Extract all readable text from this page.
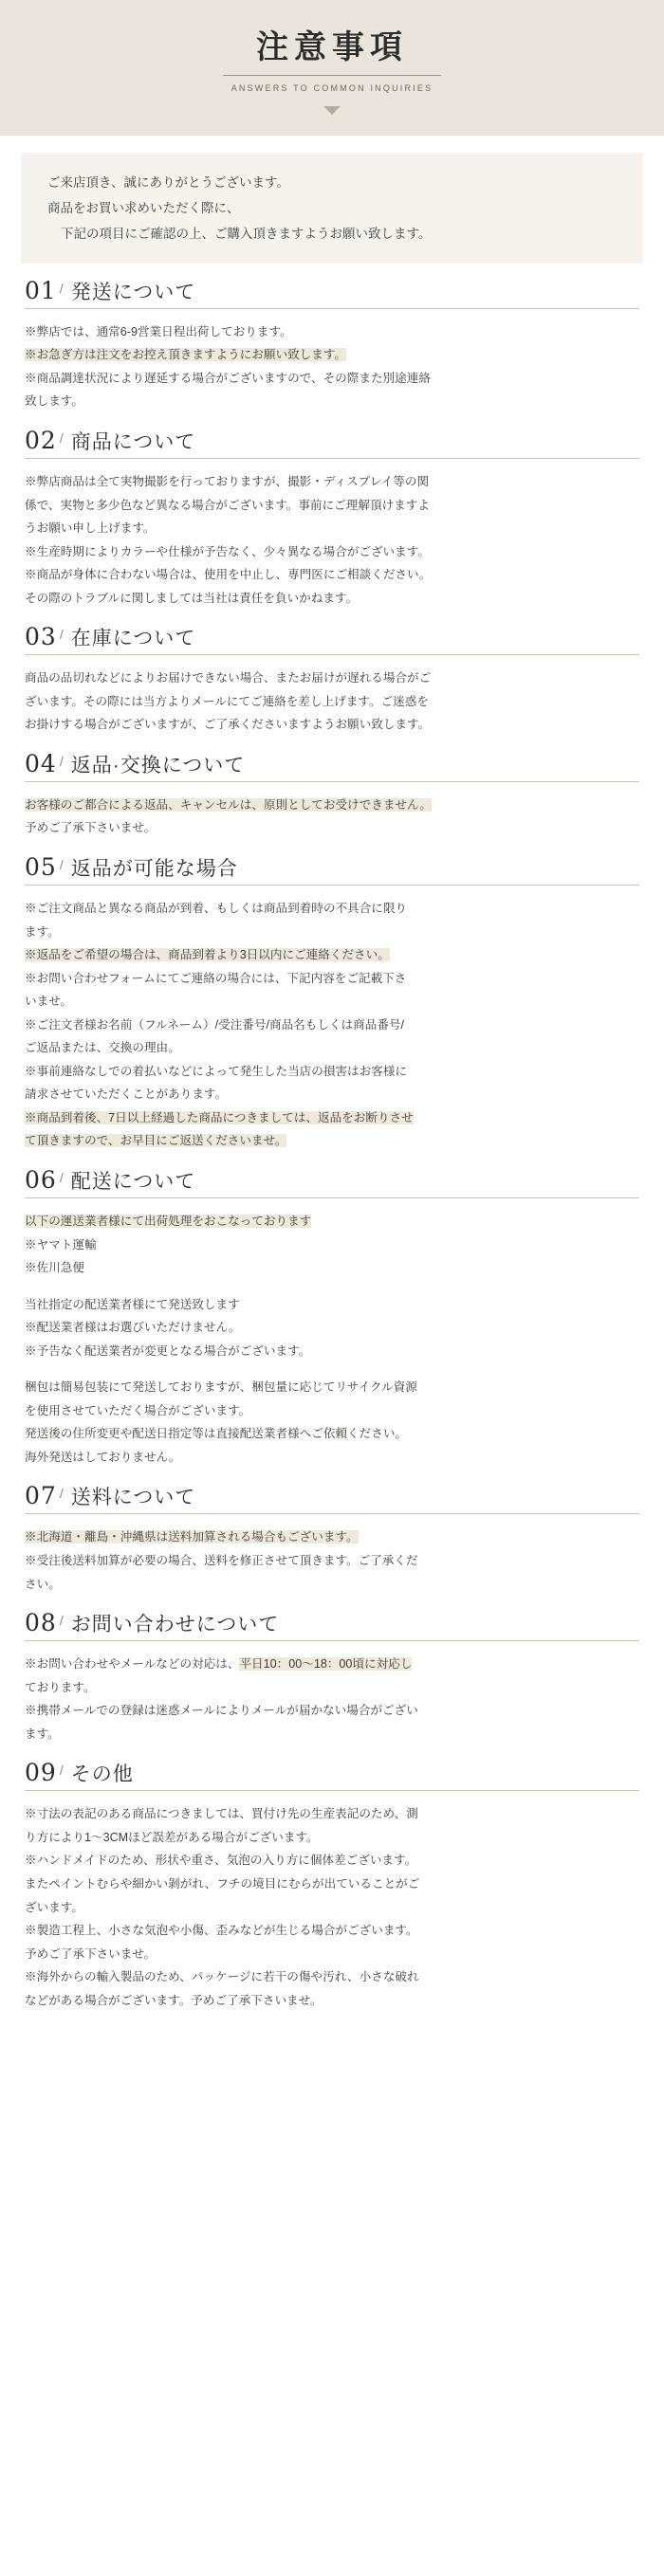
注意事項

ANSWERS TO COMMON INQUIRIES

ご来店頂き、誠にありがとうございます。

商品をお買い求めいただく際に、

下記の項目にご確認の上、ご購入頂きますようお願い致します。

01 / 発送について

※弊店では、通常6-9営業日程出荷しております。

※お急ぎ方は注文をお控え頂きますようにお願い致します。

※商品調達状況により遅延する場合がございますので、その際また別途連絡

致します。

02 / 商品について

※弊店商品は全て実物撮影を行っておりますが、撮影・ディスプレイ等の関

係で、実物と多少色など異なる場合がございます。事前にご理解頂けますよ

うお願い申し上げます。

※生産時期によりカラーや仕様が予告なく、少々異なる場合がございます。

※商品が身体に合わない場合は、使用を中止し、専門医にご相談ください。

その際のトラブルに関しましては当社は責任を負いかねます。

03 / 在庫について

商品の品切れなどによりお届けできない場合、またお届けが遅れる場合がご

ざいます。その際には当方よりメールにてご連絡を差し上げます。ご迷惑を

お掛けする場合がございますが、ご了承くださいますようお願い致します。

04 / 返品·交換について

お客様のご都合による返品、キャンセルは、原則としてお受けできません。

予めご了承下さいませ。

05 / 返品が可能な場合

※ご注文商品と異なる商品が到着、もしくは商品到着時の不具合に限り

ます。

※返品をご希望の場合は、商品到着より3日以内にご連絡ください。

※お問い合わせフォームにてご連絡の場合には、下記内容をご記載下さ

いませ。

※ご注文者様お名前（フルネーム）/受注番号/商品名もしくは商品番号/

ご返品または、交換の理由。

※事前連絡なしでの着払いなどによって発生した当店の損害はお客様に

請求させていただくことがあります。

※商品到着後、7日以上経過した商品につきましては、返品をお断りさせ

て頂きますので、お早目にご返送くださいませ。

06 / 配送について

以下の運送業者様にて出荷処理をおこなっております

※ヤマト運輸

※佐川急便

当社指定の配送業者様にて発送致します

※配送業者様はお選びいただけません。

※予告なく配送業者が変更となる場合がございます。

梱包は簡易包装にて発送しておりますが、梱包量に応じてリサイクル資源

を使用させていただく場合がございます。

発送後の住所変更や配送日指定等は直接配送業者様へご依頼ください。

海外発送はしておりません。

07 / 送料について

※北海道・離島・沖縄県は送料加算される場合もございます。

※受注後送料加算が必要の場合、送料を修正させて頂きます。ご了承くだ

さい。

08 / お問い合わせについて

※お問い合わせやメールなどの対応は、平日10：00～18：00頃に対応し

ております。

※携帯メールでの登録は迷惑メールによりメールが届かない場合がござい

ます。

09 / その他

※寸法の表記のある商品につきましては、買付け先の生産表記のため、測

り方により1～3CMほど誤差がある場合がございます。

※ハンドメイドのため、形状や重さ、気泡の入り方に個体差ございます。

またペイントむらや細かい剝がれ、フチの境目にむらが出ていることがご

ざいます。

※製造工程上、小さな気泡や小傷、歪みなどが生じる場合がございます。

予めご了承下さいませ。

※海外からの輸入製品のため、パッケージに若干の傷や汚れ、小さな破れ

などがある場合がございます。予めご了承下さいませ。
